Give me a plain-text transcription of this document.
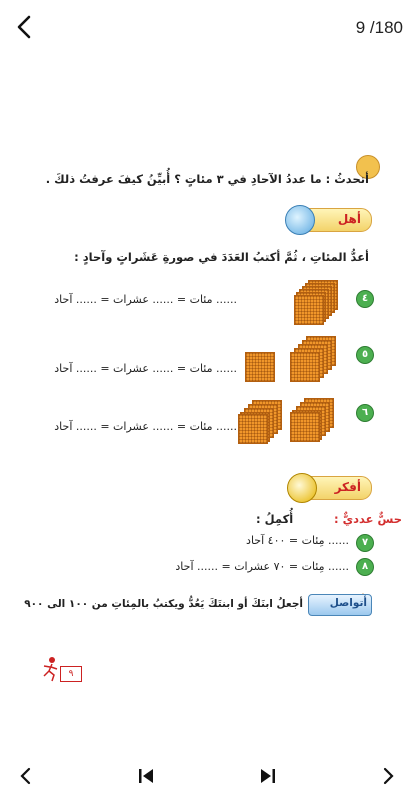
9 /180
أتحدثُ : ما عددُ الآحادِ في ٣ مئاتٍ ؟ أُبيِّنُ كيفَ عرفتُ ذلكَ .
أهل
أعدُّ المئاتِ ، ثُمَّ أكتبُ العَدَدَ في صورةِ عَشَراتٍ وآحادٍ :
٤
...... مئات = ...... عشرات = ...... آحاد
٥
...... مئات = ...... عشرات = ...... آحاد
٦
...... مئات = ...... عشرات = ...... آحاد
أفكر
حسٌّ عدديٌّ :
أُكمِلُ :
٧
...... مِئات = ٤٠٠ آحاد
٨
...... مِئات = ٧٠ عشرات = ...... آحاد
أتواصل
أجعلُ ابنَكَ أو ابنتَكَ يَعُدُّ ويكتبُ بالمِئاتِ من ١٠٠ الى ٩٠٠
٩
